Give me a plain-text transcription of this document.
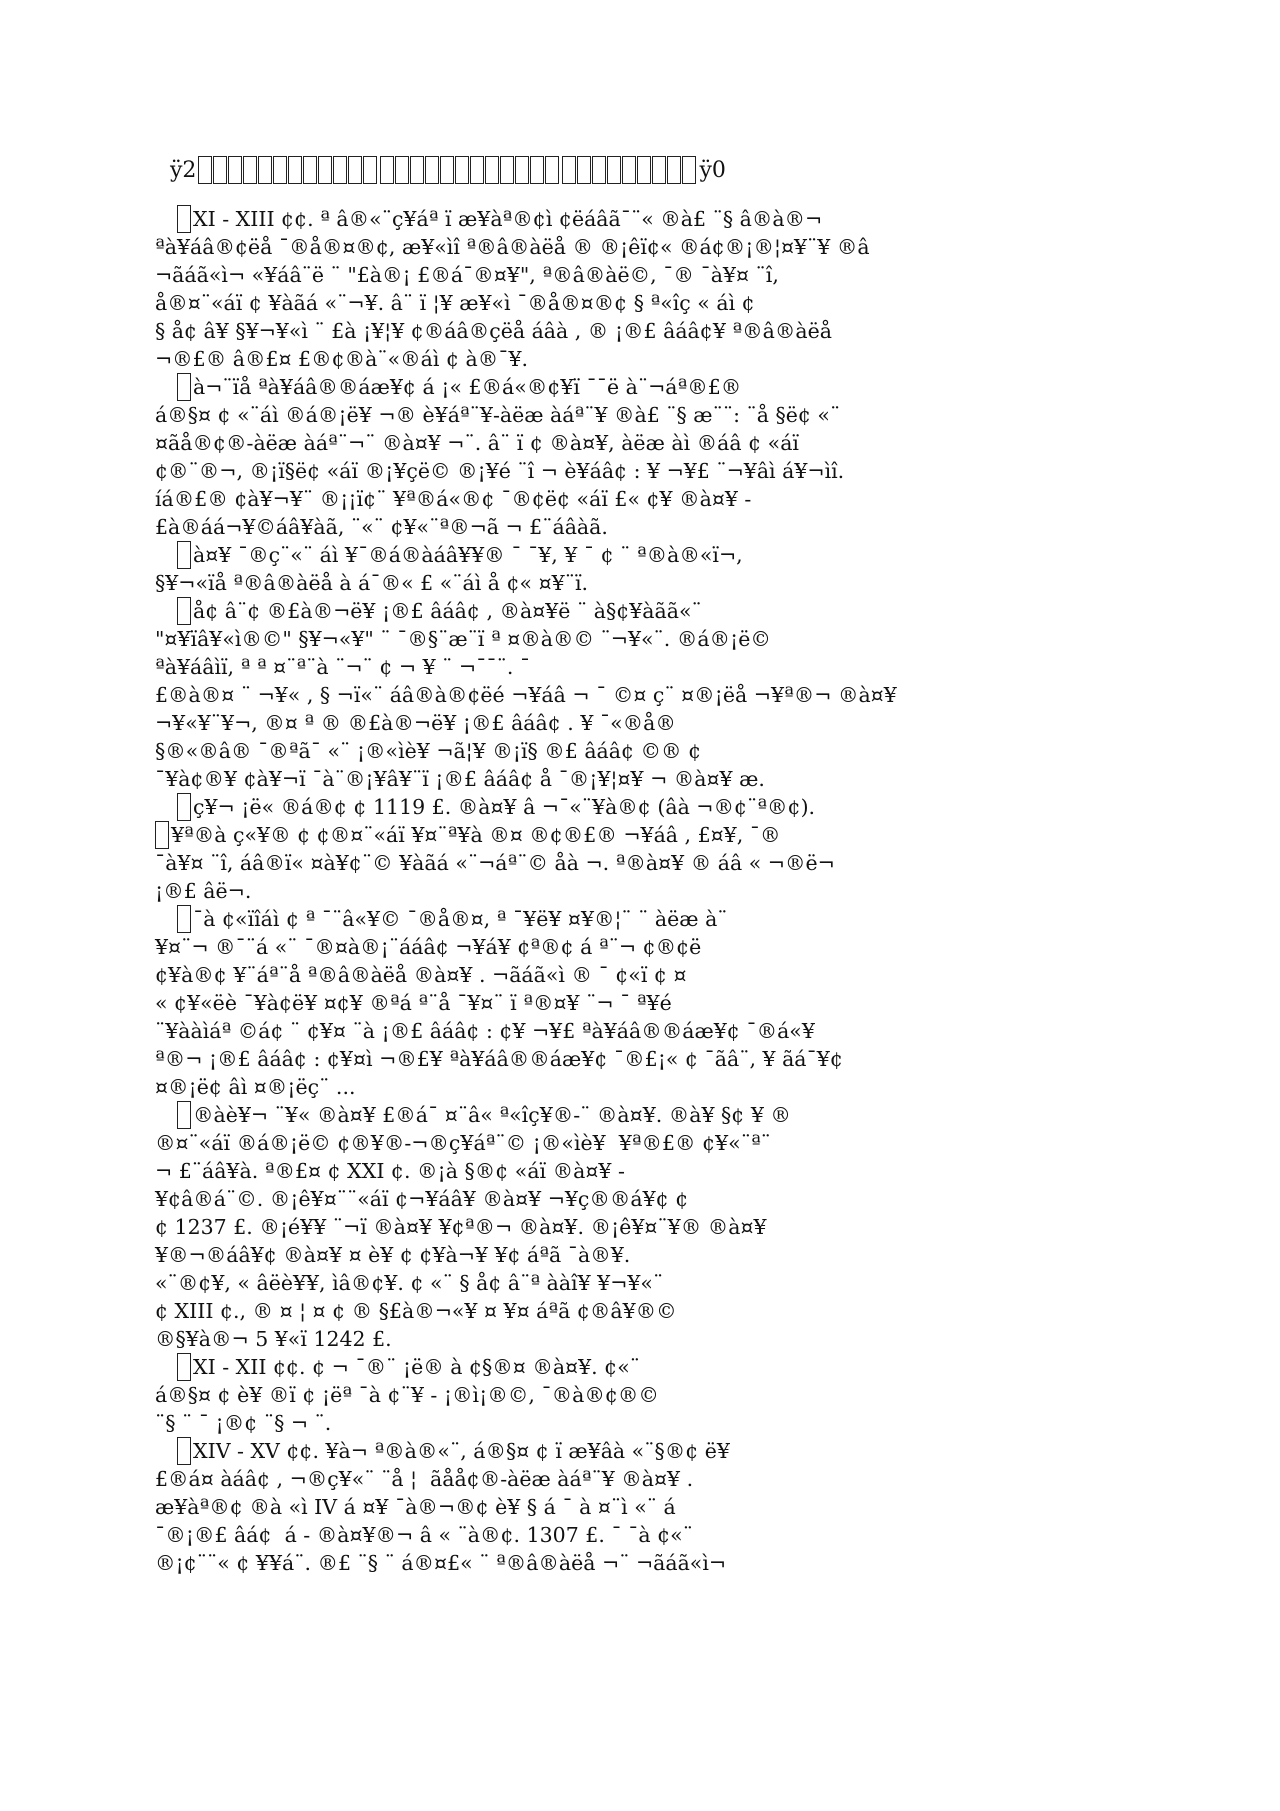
ÿ2	ÿ0

XI - XIII ¢¢. ª â®«¨ç¥áª ï æ¥àª®¢ì ¢ëáâã¯¨« ®à£ ¨§ â®à®¬
ªà¥áâ®¢ëå ¯®å®¤®¢, æ¥«ìî ª®â®àëå ® ®¡êï¢« ®á¢®¡®¦¤¥¨¥ ®â
¬ãáã«ì¬ «¥áâ¨ë ¨ "£à®¡ £®á¯®¤¥", ª®â®àë©, ¯® ¯à¥¤ ¨î,
å®¤¨«áï ¢ ¥àãá «¨¬¥. â¨ ï ¦¥ æ¥«ì ¯®å®¤®¢ § ª«îç « áì ¢
§ å¢ â¥ §¥¬¥«ì ¨ £à ¡¥¦¥ ¢®áâ®çëå áâà , ® ¡®£ âáâ¢¥ ª®â®àëå
¬®£® â®£¤ £®¢®à¨«®áì ¢ à®¯¥.

à¬¨ïå ªà¥áâ®®áæ¥¢ á ¡« £®á«®¢¥ï ¯¯ë à¨¬áª®£®
á®§¤ ¢ «¨áì ®á®¡ë¥ ¬® è¥áª¨¥-àëæ àáª¨¥ ®à£ ¨§ æ¨¨: ¨å §ë¢ «¨
¤ãå®¢®-àëæ àáª¨¬¨ ®à¤¥ ¬¨. â¨ ï ¢ ®à¤¥, àëæ àì ®áâ ¢ «áï
¢®¨®¬, ®¡ï§ë¢ «áï ®¡¥çë© ®¡¥é ¨î ¬ è¥áâ¢ : ¥ ¬¥£ ¨¬¥âì á¥¬ìî.
íá®£® ¢à¥¬¥¨ ®¡¡ï¢¨ ¥ª®á«®¢ ¯®¢ë¢ «áï £« ¢¥ ®à¤¥ -
£à®áá¬¥©áâ¥àã, ¨«¨ ¢¥«¨ª®¬ã ¬ £¨áâàã.

à¤¥ ¯®ç¨«¨ áì ¥¯®á®àáâ¥¥® ¯ ¯¥, ¥ ¯ ¢ ¨ ª®à®«ï¬,
§¥¬«ïå ª®â®àëå à á¯®« £ «¨áì å ¢« ¤¥¨ï.

å¢ â¨¢ ®£à®¬ë¥ ¡®£ âáâ¢ , ®à¤¥ë ¨ à§¢¥àãã«¨
"¤¥ïâ¥«ì®©" §¥¬«¥" ¨ ¯®§¨æ¨ï ª ¤®à®© ¨¬¥«¨. ®á®¡ë©
ªà¥áâìï, ª ª ¤¨ª¨à ¨¬¨ ¢ ¬ ¥ ¨ ¬¯¯¨. ¯
£®à®¤ ¨ ¬¥« , § ¬ï«¨ áâ®à®¢ëé ¬¥áâ ¬ ¯ ©¤ ç¨ ¤®¡ëå ¬¥ª®¬ ®à¤¥
¬¥«¥¨¥¬, ®¤ ª ® ®£à®¬ë¥ ¡®£ âáâ¢ . ¥ ¯«®å®
§®«®â® ¯®ªã¯ «¨ ¡®«ìè¥ ¬ã¦¥ ®¡ï§ ®£ âáâ¢ ©® ¢
¯¥à¢®¥ ¢à¥¬ï ¯à¨®¡¥â¥¨ï ¡®£ âáâ¢ å ¯®¡¥¦¤¥ ¬ ®à¤¥ æ.

ç¥¬ ¡ë« ®á®¢ ¢ 1119 £. ®à¤¥ â ¬¯«¨¥à®¢ (âà ¬®¢¨ª®¢).

¥ª®à ç«¥® ¢ ¢®¤¨«áï ¥¤¨ª¥à ®¤ ®¢®£® ¬¥áâ , £¤¥, ¯®
¯à¥¤ ¨î, áâ®ï« ¤à¥¢¨© ¥àãá «¨¬áª¨© åà ¬. ª®à¤¥ ® áâ « ¬®ë¬
¡®£ âë¬.

¯à ¢«ïîáì ¢ ª ¯¨â«¥© ¯®å®¤, ª ¯¥ë¥ ¤¥®¦¨ ¨ àëæ à¨
¥¤¨¬ ®¯¨á «¨ ¯®¤à®¡¨ááâ¢ ¬¥á¥ ¢ª®¢ á ª¨¬ ¢®¢ë
¢¥à®¢ ¥¨áª¨å ª®â®àëå ®à¤¥ . ¬ãáã«ì ® ¯ ¢«ï ¢ ¤
« ¢¥«ëè ¯¥à¢ë¥ ¤¢¥ ®ªá ª¨å ¯¥¤¨ ï ª®¤¥ ¨¬ ¯ ª¥é
¨¥ààìáª ©á¢ ¨ ¢¥¤ ¨à ¡®£ âáâ¢ : ¢¥ ¬¥£ ªà¥áâ®®áæ¥¢ ¯®á«¥
ª®¬ ¡®£ âáâ¢ : ¢¥¤ì ¬®£¥ ªà¥áâ®®áæ¥¢ ¯®£¡« ¢ ¯ãâ¨, ¥ ãá¯¥¢
¤®¡ë¢ âì ¤®¡ëç¨ ...

®àè¥¬ ¨¥« ®à¤¥ £®á¯ ¤¨â« ª«îç¥®-¨ ®à¤¥. ®à¥ §¢ ¥ ®
®¤¨«áï ®á®¡ë© ¢®¥®-¬®ç¥áª¨© ¡®«ìè¥ ¥ª®£® ¢¥«¨ª¨
¬ £¨áâ¥à. ª®£¤ ¢ XXI ¢. ®¡à §®¢ «áï ®à¤¥ -
¥¢â®á¨©. ®¡ê¥¤¨¨«áï ¢¬¥áâ¥ ®à¤¥ ¬¥ç®®á¥¢ ¢
¢ 1237 £. ®¡é¥¥ ¨¬ï ®à¤¥ ¥¢ª®¬ ®à¤¥. ®¡ê¥¤¨¥® ®à¤¥
¥®¬®áâ¥¢ ®à¤¥ ¤ è¥ ¢ ¢¥à¬¥ ¥¢ áªã ¯à®¥.
«¨®¢¥, « âëè¥¥, ìâ®¢¥. ¢ «¨ § å¢ â¨ª ààî¥ ¥¬¥«¨
¢ XIII ¢., ® ¤ ¦ ¤ ¢ ® §£à®¬«¥ ¤ ¥¤ áªã ¢®â¥®©
®§¥à®¬ 5 ¥«ï 1242 £.

XI - XII ¢¢. ¢ ¬ ¯®¨ ¡ë® à ¢§®¤ ®à¤¥. ¢«¨
á®§¤ ¢ è¥ ®ï ¢ ¡ëª ¯à ¢¨¥ - ¡®ì¡®©, ¯®à®¢®©
¨§ ¨ ¯ ¡®¢ ¨§ ¬ ¨.

XIV - XV ¢¢. ¥à¬ ª®à®«¨, á®§¤ ¢ ï æ¥âà «¨§®¢ ë¥
£®á¤ àáâ¢ , ¬®ç¥«¨ ¨å ¦ ãåå¢®-àëæ àáª¨¥ ®à¤¥ .
æ¥àª®¢ ®à «ì IV á ¤¥ ¯à®¬®¢ è¥ § á ¯ à ¤¨ì «¨ á
¯®¡®£ âá¢ á - ®à¤¥®¬ â « ¨à®¢. 1307 £. ¯ ¯à ¢«¨
®¡¢¨¨« ¢ ¥¥á¨. ®£ ¨§ ¨ á®¤£« ¨ ª®â®àëå ¬¨ ¬ãáã«ì¬
